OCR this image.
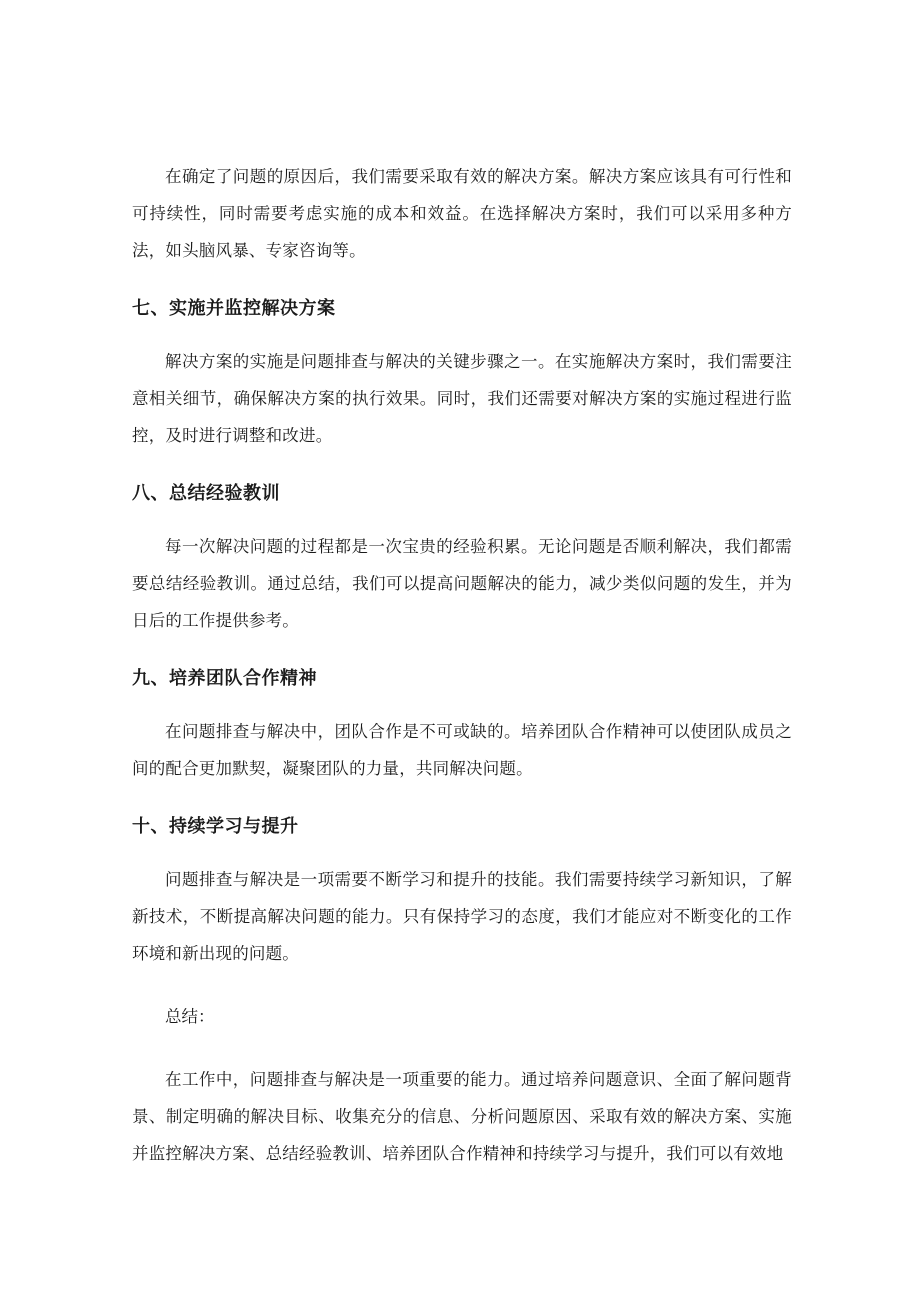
在确定了问题的原因后，我们需要采取有效的解决方案。解决方案应该具有可行性和可持续性，同时需要考虑实施的成本和效益。在选择解决方案时，我们可以采用多种方法，如头脑风暴、专家咨询等。

七、实施并监控解决方案

解决方案的实施是问题排查与解决的关键步骤之一。在实施解决方案时，我们需要注意相关细节，确保解决方案的执行效果。同时，我们还需要对解决方案的实施过程进行监控，及时进行调整和改进。

八、总结经验教训

每一次解决问题的过程都是一次宝贵的经验积累。无论问题是否顺利解决，我们都需要总结经验教训。通过总结，我们可以提高问题解决的能力，减少类似问题的发生，并为日后的工作提供参考。

九、培养团队合作精神

在问题排查与解决中，团队合作是不可或缺的。培养团队合作精神可以使团队成员之间的配合更加默契，凝聚团队的力量，共同解决问题。

十、持续学习与提升

问题排查与解决是一项需要不断学习和提升的技能。我们需要持续学习新知识，了解新技术，不断提高解决问题的能力。只有保持学习的态度，我们才能应对不断变化的工作环境和新出现的问题。

总结：

在工作中，问题排查与解决是一项重要的能力。通过培养问题意识、全面了解问题背景、制定明确的解决目标、收集充分的信息、分析问题原因、采取有效的解决方案、实施并监控解决方案、总结经验教训、培养团队合作精神和持续学习与提升，我们可以有效地
